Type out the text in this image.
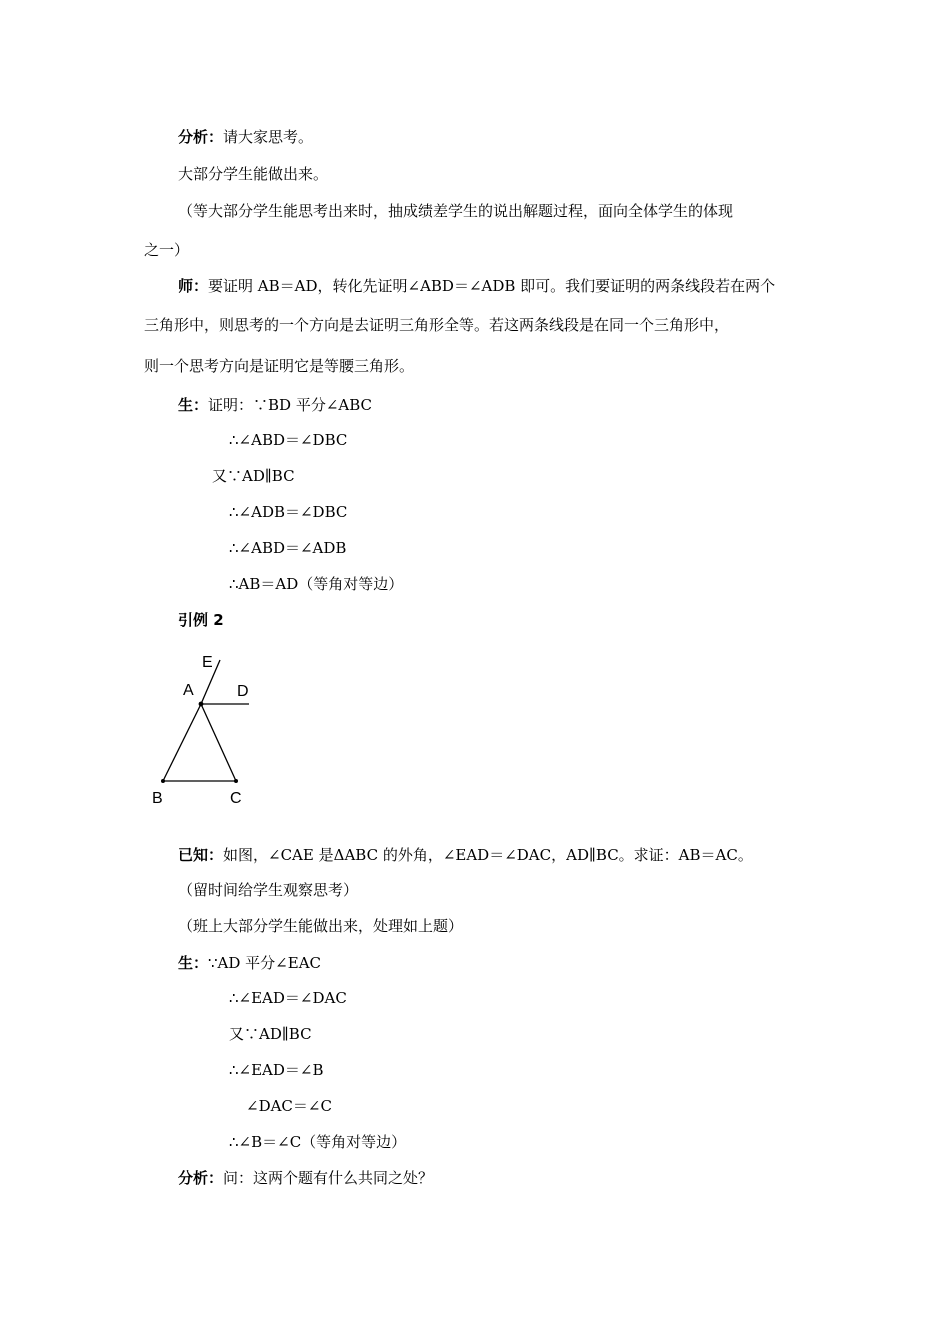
分析：请大家思考。
大部分学生能做出来。
（等大部分学生能思考出来时，抽成绩差学生的说出解题过程，面向全体学生的体现
之一）
师：要证明 AB＝AD，转化先证明∠ABD＝∠ADB 即可。我们要证明的两条线段若在两个
三角形中，则思考的一个方向是去证明三角形全等。若这两条线段是在同一个三角形中，
则一个思考方向是证明它是等腰三角形。
生：证明：∵BD 平分∠ABC
∴∠ABD＝∠DBC
又∵AD∥BC
∴∠ADB＝∠DBC
∴∠ABD＝∠ADB
∴AB＝AD（等角对等边）
引例 2
E
A	D
B	C
已知：如图，∠CAE 是ΔABC 的外角，∠EAD＝∠DAC，AD∥BC。求证：AB＝AC。
（留时间给学生观察思考）
（班上大部分学生能做出来，处理如上题）
生：∵AD 平分∠EAC
∴∠EAD＝∠DAC
又∵AD∥BC
∴∠EAD＝∠B
∠DAC＝∠C
∴∠B＝∠C（等角对等边）
分析：问：这两个题有什么共同之处？
